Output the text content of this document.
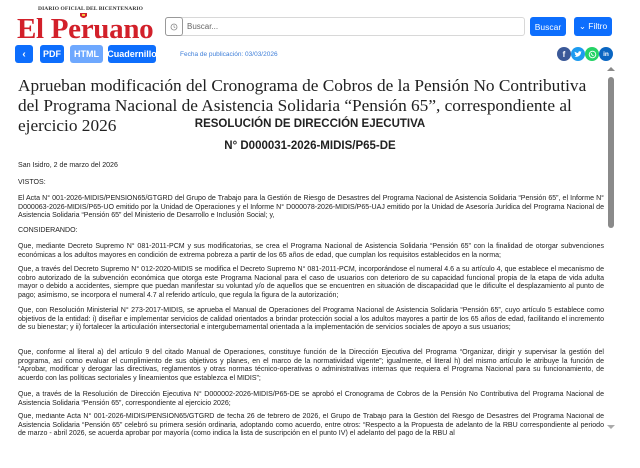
DIARIO OFICIAL DEL BICENTENARIO
El Peruano
‹	PDF	HTML Cuadernillo	Fecha de publicación: 03/03/2026
Buscar...
Buscar	⌄ Filtro
f	in
Aprueban modificación del Cronograma de Cobros de la Pensión No Contributiva del Programa Nacional de Asistencia Solidaria “Pensión 65”, correspondiente al ejercicio 2026	RESOLUCIÓN DE DIRECCIÓN EJECUTIVA
N° D000031-2026-MIDIS/P65-DE

San Isidro, 2 de marzo del 2026

VISTOS:

El Acta N° 001-2026-MIDIS/PENSION65/GTGRD del Grupo de Trabajo para la Gestión de Riesgo de Desastres del Programa Nacional de Asistencia Solidaria “Pensión 65”, el Informe N° D000063-2026-MIDIS/P65-UO emitido por la Unidad de Operaciones y el Informe N° D000078-2026-MIDIS/P65-UAJ emitido por la Unidad de Asesoría Jurídica del Programa Nacional de Asistencia Solidaria “Pensión 65” del Ministerio de Desarrollo e Inclusión Social; y,

CONSIDERANDO:

Que, mediante Decreto Supremo N° 081-2011-PCM y sus modificatorias, se crea el Programa Nacional de Asistencia Solidaria “Pensión 65” con la finalidad de otorgar subvenciones económicas a los adultos mayores en condición de extrema pobreza a partir de los 65 años de edad, que cumplan los requisitos establecidos en la norma;

Que, a través del Decreto Supremo N° 012-2020-MIDIS se modifica el Decreto Supremo N° 081-2011-PCM, incorporándose el numeral 4.6 a su artículo 4, que establece el mecanismo de cobro autorizado de la subvención económica que otorga este Programa Nacional para el caso de usuarios con deterioro de su capacidad funcional propia de la etapa de vida adulta mayor o debido a accidentes, siempre que puedan manifestar su voluntad y/o de aquellos que se encuentren en situación de discapacidad que le dificulte el desplazamiento al punto de pago; asimismo, se incorpora el numeral 4.7 al referido artículo, que regula la figura de la autorización;

Que, con Resolución Ministerial N° 273-2017-MIDIS, se aprueba el Manual de Operaciones del Programa Nacional de Asistencia Solidaria “Pensión 65”, cuyo artículo 5 establece como objetivos de la entidad: i) diseñar e implementar servicios de calidad orientados a brindar protección social a los adultos mayores a partir de los 65 años de edad, facilitando el incremento de su bienestar; y ii) fortalecer la articulación intersectorial e intergubernamental orientada a la implementación de servicios sociales de apoyo a sus usuarios;

Que, conforme al literal a) del artículo 9 del citado Manual de Operaciones, constituye función de la Dirección Ejecutiva del Programa “Organizar, dirigir y supervisar la gestión del programa, así como evaluar el cumplimiento de sus objetivos y planes, en el marco de la normatividad vigente”; igualmente, el literal h) del mismo artículo le atribuye la función de “Aprobar, modificar y derogar las directivas, reglamentos y otras normas técnico-operativas o administrativas internas que requiera el Programa Nacional para su funcionamiento, de acuerdo con las políticas sectoriales y lineamientos que establezca el MIDIS”;

Que, a través de la Resolución de Dirección Ejecutiva N° D000002-2026-MIDIS/P65-DE se aprobó el Cronograma de Cobros de la Pensión No Contributiva del Programa Nacional de Asistencia Solidaria “Pensión 65”, correspondiente al ejercicio 2026;

Que, mediante Acta N° 001-2026-MIDIS/PENSION65/GTGRD de fecha 26 de febrero de 2026, el Grupo de Trabajo para la Gestión del Riesgo de Desastres del Programa Nacional de Asistencia Solidaria “Pensión 65” celebró su primera sesión ordinaria, adoptando como acuerdo, entre otros: “Respecto a la Propuesta de adelanto de la RBU correspondiente al periodo de marzo - abril 2026, se acuerda aprobar por mayoría (como indica la lista de suscripción en el punto IV) el adelanto del pago de la RBU al
